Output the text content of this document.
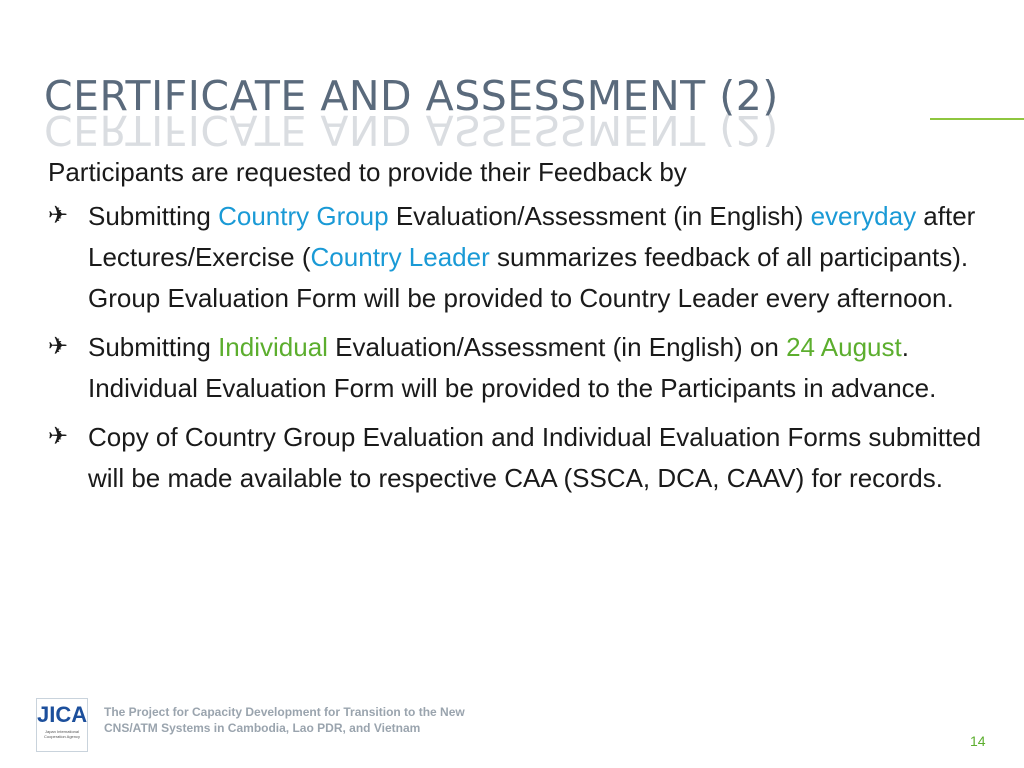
CERTIFICATE AND ASSESSMENT (2)
CERTIFICATE AND ASSESSMENT (2)

Participants are requested to provide their Feedback by

✈ Submitting Country Group Evaluation/Assessment (in English) everyday after Lectures/Exercise (Country Leader summarizes feedback of all participants). Group Evaluation Form will be provided to Country Leader every afternoon.
✈ Submitting Individual Evaluation/Assessment (in English) on 24 August. Individual Evaluation Form will be provided to the Participants in advance.
✈ Copy of Country Group Evaluation and Individual Evaluation Forms submitted will be made available to respective CAA (SSCA, DCA, CAAV) for records.
JICA
Japan International Cooperation Agency
The Project for Capacity Development for Transition to the New CNS/ATM Systems in Cambodia, Lao PDR, and Vietnam
14
